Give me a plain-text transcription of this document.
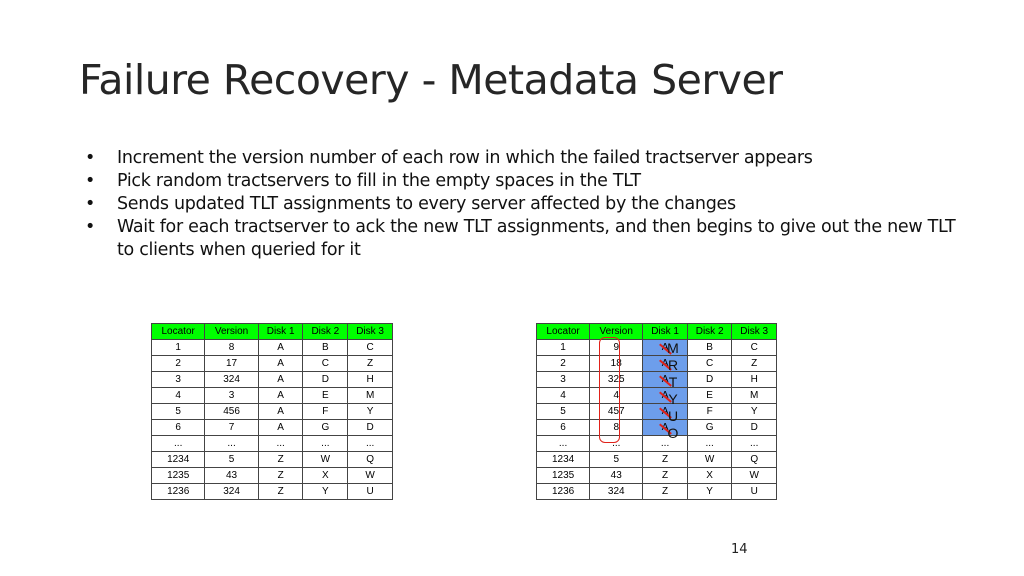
Failure Recovery - Metadata Server
• Increment the version number of each row in which the failed tractserver appears
• Pick random tractservers to fill in the empty spaces in the TLT
• Sends updated TLT assignments to every server affected by the changes
• Wait for each tractserver to ack the new TLT assignments, and then begins to give out the new TLT to clients when queried for it
Locator	Version	Disk 1	Disk 2	Disk 3
1	8	A	B	C
2	17	A	C	Z
3	324	A	D	H
4	3	A	E	M
5	456	A	F	Y
6	7	A	G	D
...	...	...	...	...
1234	5	Z	W	Q
1235	43	Z	X	W
1236	324	Z	Y	U
Locator	Version	Disk 1	Disk 2	Disk 3
1	9	A	B	C
2	18	A	C	Z
3	325	A	D	H
4	4	A	E	M
5	457	A	F	Y
6	8	A	G	D
...	...	...	...	...
1234	5	Z	W	Q
1235	43	Z	X	W
1236	324	Z	Y	U
M
R
T
Y
U
O
14
